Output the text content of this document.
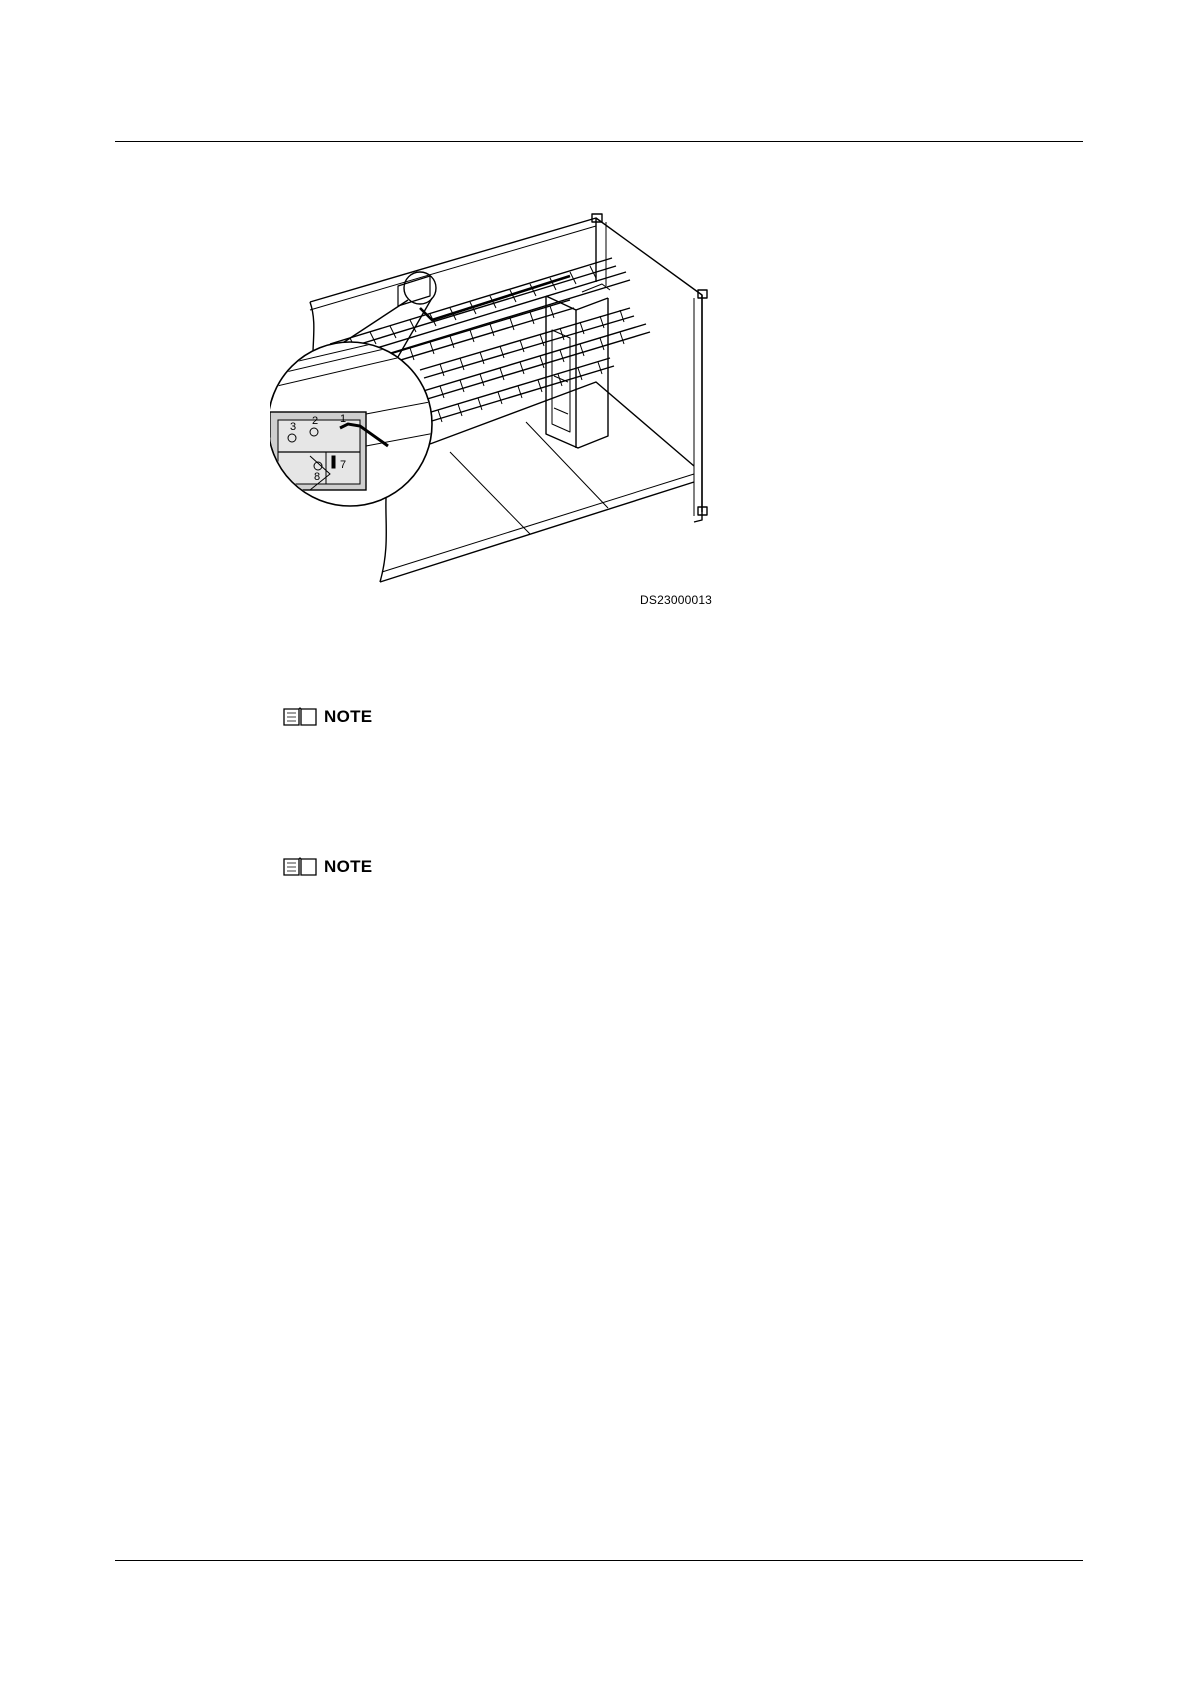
3 2 1
7
8
DS23000013
NOTE
NOTE
